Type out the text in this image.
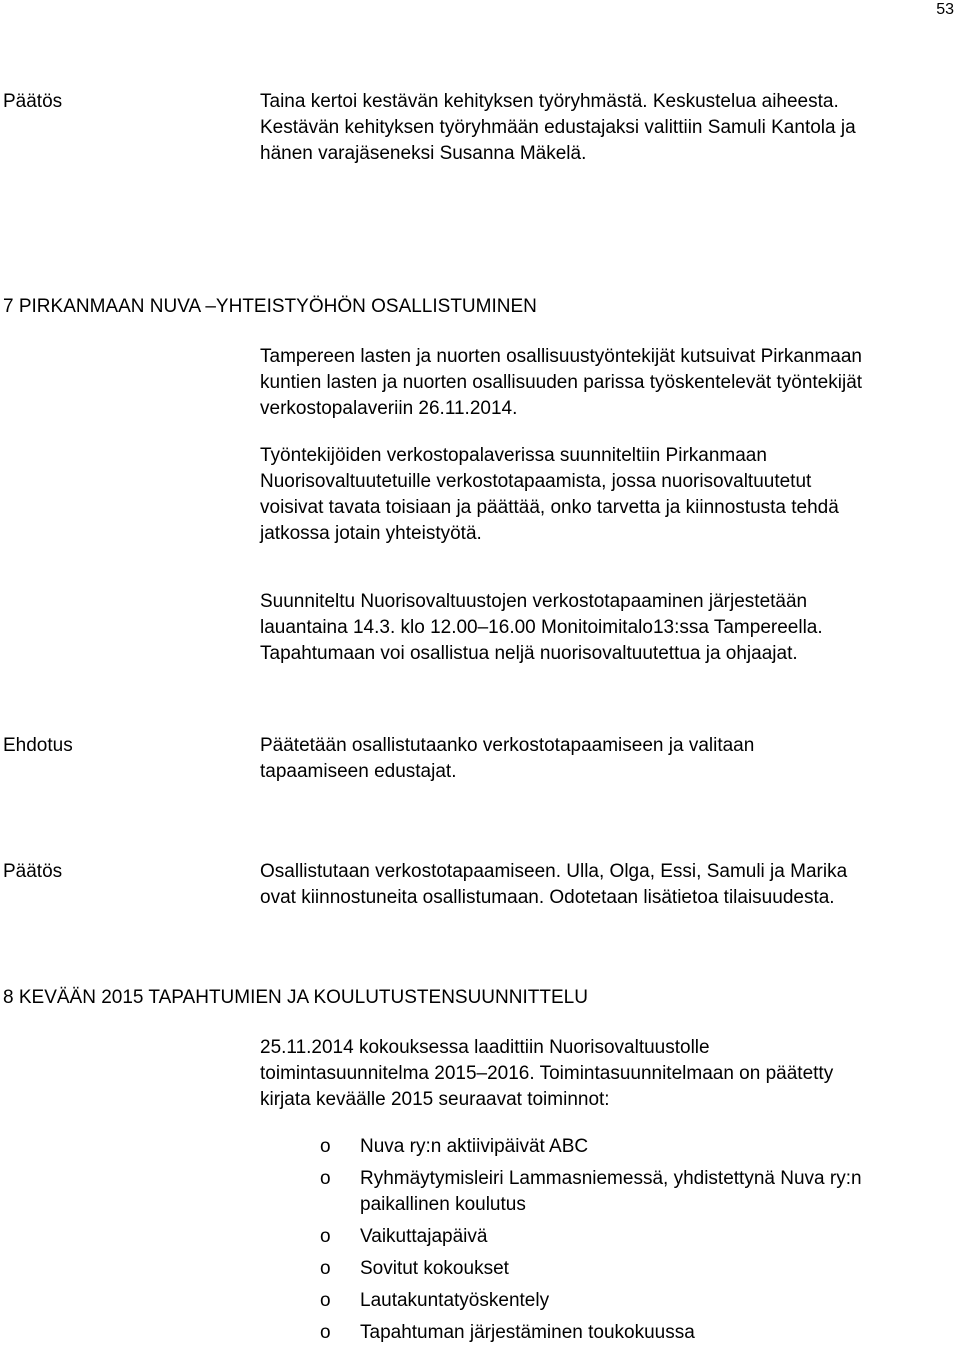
53
Päätös	Taina kertoi kestävän kehityksen työryhmästä. Keskustelua aiheesta.

Kestävän kehityksen työryhmään edustajaksi valittiin Samuli Kantola ja

hänen varajäseneksi Susanna Mäkelä.

7 PIRKANMAAN NUVA –YHTEISTYÖHÖN OSALLISTUMINEN

Tampereen lasten ja nuorten osallisuustyöntekijät kutsuivat Pirkanmaan

kuntien lasten ja nuorten osallisuuden parissa työskentelevät työntekijät

verkostopalaveriin 26.11.2014.

Työntekijöiden verkostopalaverissa suunniteltiin Pirkanmaan

Nuorisovaltuutetuille verkostotapaamista, jossa nuorisovaltuutetut

voisivat tavata toisiaan ja päättää, onko tarvetta ja kiinnostusta tehdä

jatkossa jotain yhteistyötä.

Suunniteltu Nuorisovaltuustojen verkostotapaaminen järjestetään

lauantaina 14.3. klo 12.00–16.00 Monitoimitalo13:ssa Tampereella.

Tapahtumaan voi osallistua neljä nuorisovaltuutettua ja ohjaajat.

Ehdotus	Päätetään osallistutaanko verkostotapaamiseen ja valitaan

tapaamiseen edustajat.

Päätös	Osallistutaan verkostotapaamiseen. Ulla, Olga, Essi, Samuli ja Marika

ovat kiinnostuneita osallistumaan. Odotetaan lisätietoa tilaisuudesta.

8 KEVÄÄN 2015 TAPAHTUMIEN JA KOULUTUSTENSUUNNITTELU

25.11.2014 kokouksessa laadittiin Nuorisovaltuustolle

toimintasuunnitelma 2015–2016. Toimintasuunnitelmaan on päätetty

kirjata keväälle 2015 seuraavat toiminnot:

o	Nuva ry:n aktiivipäivät ABC
o	Ryhmäytymisleiri Lammasniemessä, yhdistettynä Nuva ry:n
paikallinen koulutus
o	Vaikuttajapäivä
o	Sovitut kokoukset
o	Lautakuntatyöskentely
o	Tapahtuman järjestäminen toukokuussa
